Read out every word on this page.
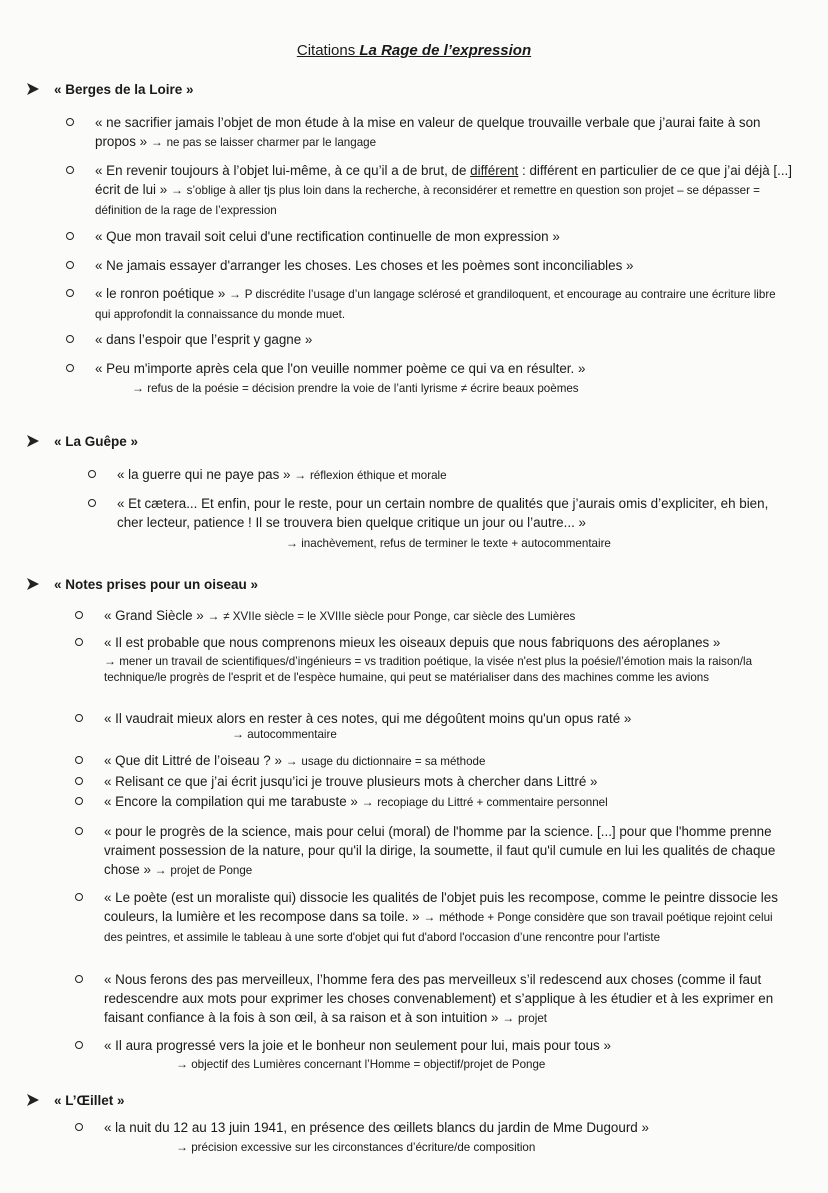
Citations La Rage de l’expression
« Berges de la Loire »
« ne sacrifier jamais l’objet de mon étude à la mise en valeur de quelque trouvaille verbale que j’aurai faite à son propos » → ne pas se laisser charmer par le langage
« En revenir toujours à l’objet lui-même, à ce qu’il a de brut, de différent : différent en particulier de ce que j’ai déjà [...] écrit de lui » → s’oblige à aller tjs plus loin dans la recherche, à reconsidérer et remettre en question son projet – se dépasser = définition de la rage de l’expression
« Que mon travail soit celui d'une rectification continuelle de mon expression »
« Ne jamais essayer d'arranger les choses. Les choses et les poèmes sont inconciliables »
« le ronron poétique » → P discrédite l’usage d’un langage sclérosé et grandiloquent, et encourage au contraire une écriture libre qui approfondit la connaissance du monde muet.
« dans l’espoir que l’esprit y gagne »
« Peu m'importe après cela que l'on veuille nommer poème ce qui va en résulter. »
→ refus de la poésie = décision prendre la voie de l’anti lyrisme ≠ écrire beaux poèmes
« La Guêpe »
« la guerre qui ne paye pas » → réflexion éthique et morale
« Et cætera... Et enfin, pour le reste, pour un certain nombre de qualités que j’aurais omis d’expliciter, eh bien, cher lecteur, patience ! Il se trouvera bien quelque critique un jour ou l’autre... »
→ inachèvement, refus de terminer le texte + autocommentaire
« Notes prises pour un oiseau »
« Grand Siècle » → ≠ XVIIe siècle = le XVIIIe siècle pour Ponge, car siècle des Lumières
« Il est probable que nous comprenons mieux les oiseaux depuis que nous fabriquons des aéroplanes »
→ mener un travail de scientifiques/d’ingénieurs = vs tradition poétique, la visée n'est plus la poésie/l’émotion mais la raison/la technique/le progrès de l'esprit et de l'espèce humaine, qui peut se matérialiser dans des machines comme les avions
« Il vaudrait mieux alors en rester à ces notes, qui me dégoûtent moins qu'un opus raté »
→ autocommentaire
« Que dit Littré de l’oiseau ? » → usage du dictionnaire = sa méthode
« Relisant ce que j’ai écrit jusqu’ici je trouve plusieurs mots à chercher dans Littré »
« Encore la compilation qui me tarabuste » → recopiage du Littré + commentaire personnel
« pour le progrès de la science, mais pour celui (moral) de l'homme par la science. [...] pour que l'homme prenne vraiment possession de la nature, pour qu'il la dirige, la soumette, il faut qu'il cumule en lui les qualités de chaque chose » → projet de Ponge
« Le poète (est un moraliste qui) dissocie les qualités de l'objet puis les recompose, comme le peintre dissocie les couleurs, la lumière et les recompose dans sa toile. » → méthode + Ponge considère que son travail poétique rejoint celui des peintres, et assimile le tableau à une sorte d'objet qui fut d'abord l'occasion d’une rencontre pour l'artiste
« Nous ferons des pas merveilleux, l’homme fera des pas merveilleux s’il redescend aux choses (comme il faut redescendre aux mots pour exprimer les choses convenablement) et s’applique à les étudier et à les exprimer en faisant confiance à la fois à son œil, à sa raison et à son intuition » → projet
« Il aura progressé vers la joie et le bonheur non seulement pour lui, mais pour tous »
→ objectif des Lumières concernant l’Homme = objectif/projet de Ponge
« L’Œillet »
« la nuit du 12 au 13 juin 1941, en présence des œillets blancs du jardin de Mme Dugourd »
→ précision excessive sur les circonstances d’écriture/de composition
